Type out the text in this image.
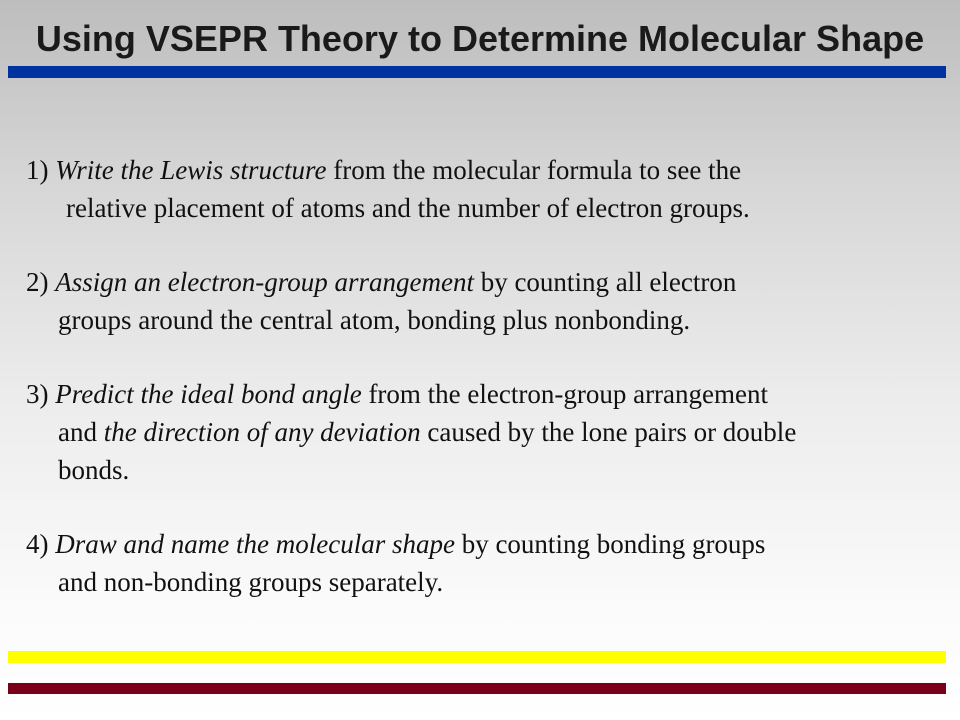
Using VSEPR Theory to Determine Molecular Shape

1) Write the Lewis structure from the molecular formula to see the
relative placement of atoms and the number of electron groups.

2) Assign an electron-group arrangement by counting all electron
groups around the central atom, bonding plus nonbonding.

3) Predict the ideal bond angle from the electron-group arrangement
and the direction of any deviation caused by the lone pairs or double
bonds.

4) Draw and name the molecular shape by counting bonding groups
and non-bonding groups separately.
